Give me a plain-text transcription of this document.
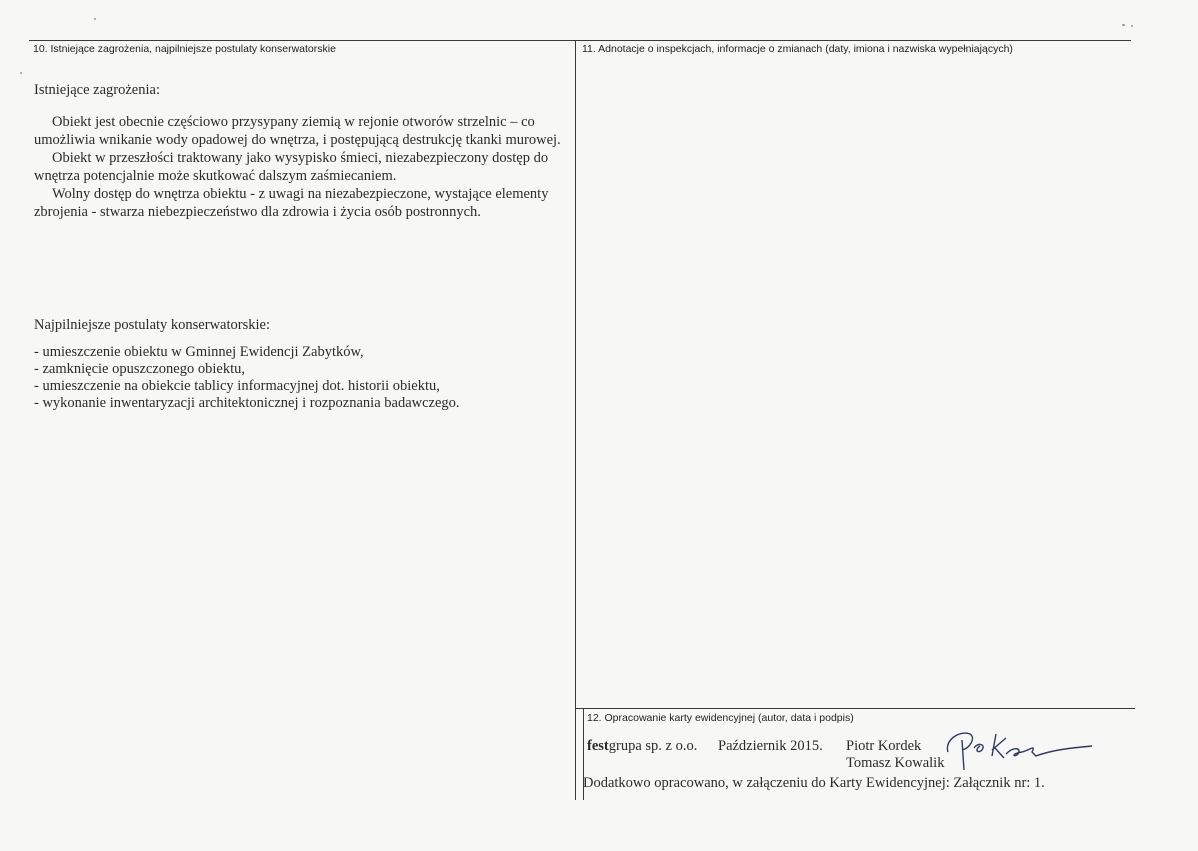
10. Istniejące zagrożenia, najpilniejsze postulaty konserwatorskie	11. Adnotacje o inspekcjach, informacje o zmianach (daty, imiona i nazwiska wypełniających)
Istniejące zagrożenia:

Obiekt jest obecnie częściowo przysypany ziemią w rejonie otworów strzelnic – co umożliwia wnikanie wody opadowej do wnętrza, i postępującą destrukcję tkanki murowej.

Obiekt w przeszłości traktowany jako wysypisko śmieci, niezabezpieczony dostęp do wnętrza potencjalnie może skutkować dalszym zaśmiecaniem.

Wolny dostęp do wnętrza obiektu - z uwagi na niezabezpieczone, wystające elementy zbrojenia - stwarza niebezpieczeństwo dla zdrowia i życia osób postronnych.

Najpilniejsze postulaty konserwatorskie:
- umieszczenie obiektu w Gminnej Ewidencji Zabytków,
- zamknięcie opuszczonego obiektu,
- umieszczenie na obiekcie tablicy informacyjnej dot. historii obiektu,
- wykonanie inwentaryzacji architektonicznej i rozpoznania badawczego.
12. Opracowanie karty ewidencyjnej (autor, data i podpis)
festgrupa sp. z o.o. Październik 2015. Piotr Kordek
Tomasz Kowalik
Dodatkowo opracowano, w załączeniu do Karty Ewidencyjnej: Załącznik nr: 1.
